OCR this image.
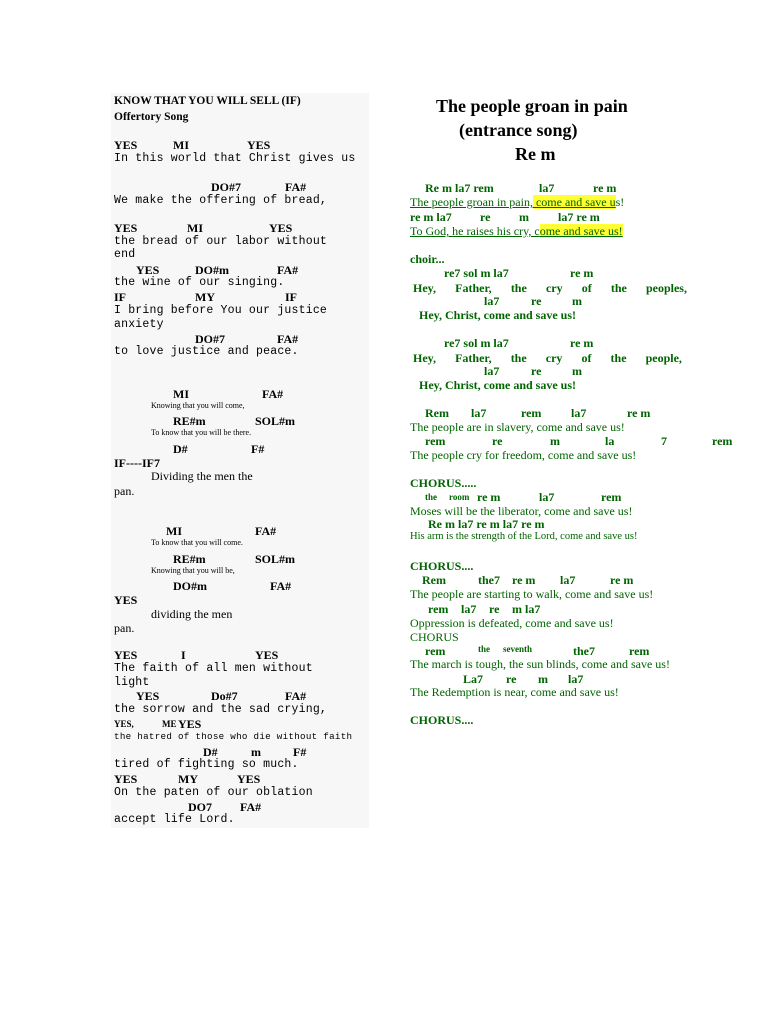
KNOW THAT YOU WILL SELL (IF)
Offertory Song
YES	MI	YES
In this world that Christ gives us
DO#7	FA#
We make the offering of bread,
YES	MI	YES
the bread of our labor without
end
YES	DO#m	FA#
the wine of our singing.
IF	MY	IF
I bring before You our justice
anxiety
DO#7	FA#
to love justice and peace.
MI	FA#
Knowing that you will come,
RE#m	SOL#m
To know that you will be there.
D#	F#
IF----IF7
Dividing the men the
pan.
MI	FA#
To know that you will come.
RE#m	SOL#m
Knowing that you will be,
DO#m	FA#
YES
dividing the men
pan.
YES	I	YES
The faith of all men without
light
YES	Do#7	FA#
the sorrow and the sad crying,
YES,	ME YES
the hatred of those who die without faith
D#	m	F#
tired of fighting so much.
YES	MY	YES
On the paten of our oblation
DO7 FA#
accept life Lord.
The people groan in pain
(entrance song)
Re m
Re m la7 rem	la7	re m
The people groan in pain, come and save us!
re m la7 re m la7 re m
To God, he raises his cry, come and save us!
choir...
re7 sol m la7	re m
Hey, Father, the cry of the peoples,
la7	re	m
Hey, Christ, come and save us!
re7 sol m la7	re m
Hey, Father, the cry of the people,
la7	re	m
Hey, Christ, come and save us!
Rem la7	rem la7	re m
The people are in slavery, come and save us!
rem	re	m	la	7	rem
The people cry for freedom, come and save us!
CHORUS.....
the room re m	la7	rem
Moses will be the liberator, come and save us!
Re m la7 re m la7 re m
His arm is the strength of the Lord, come and save us!
CHORUS....
Rem	the7 re m la7	re m
The people are starting to walk, come and save us!
rem la7 re m la7
Oppression is defeated, come and save us!
CHORUS
rem	the seventh	the7	rem
The march is tough, the sun blinds, come and save us!
La7 re m la7
The Redemption is near, come and save us!
CHORUS....
